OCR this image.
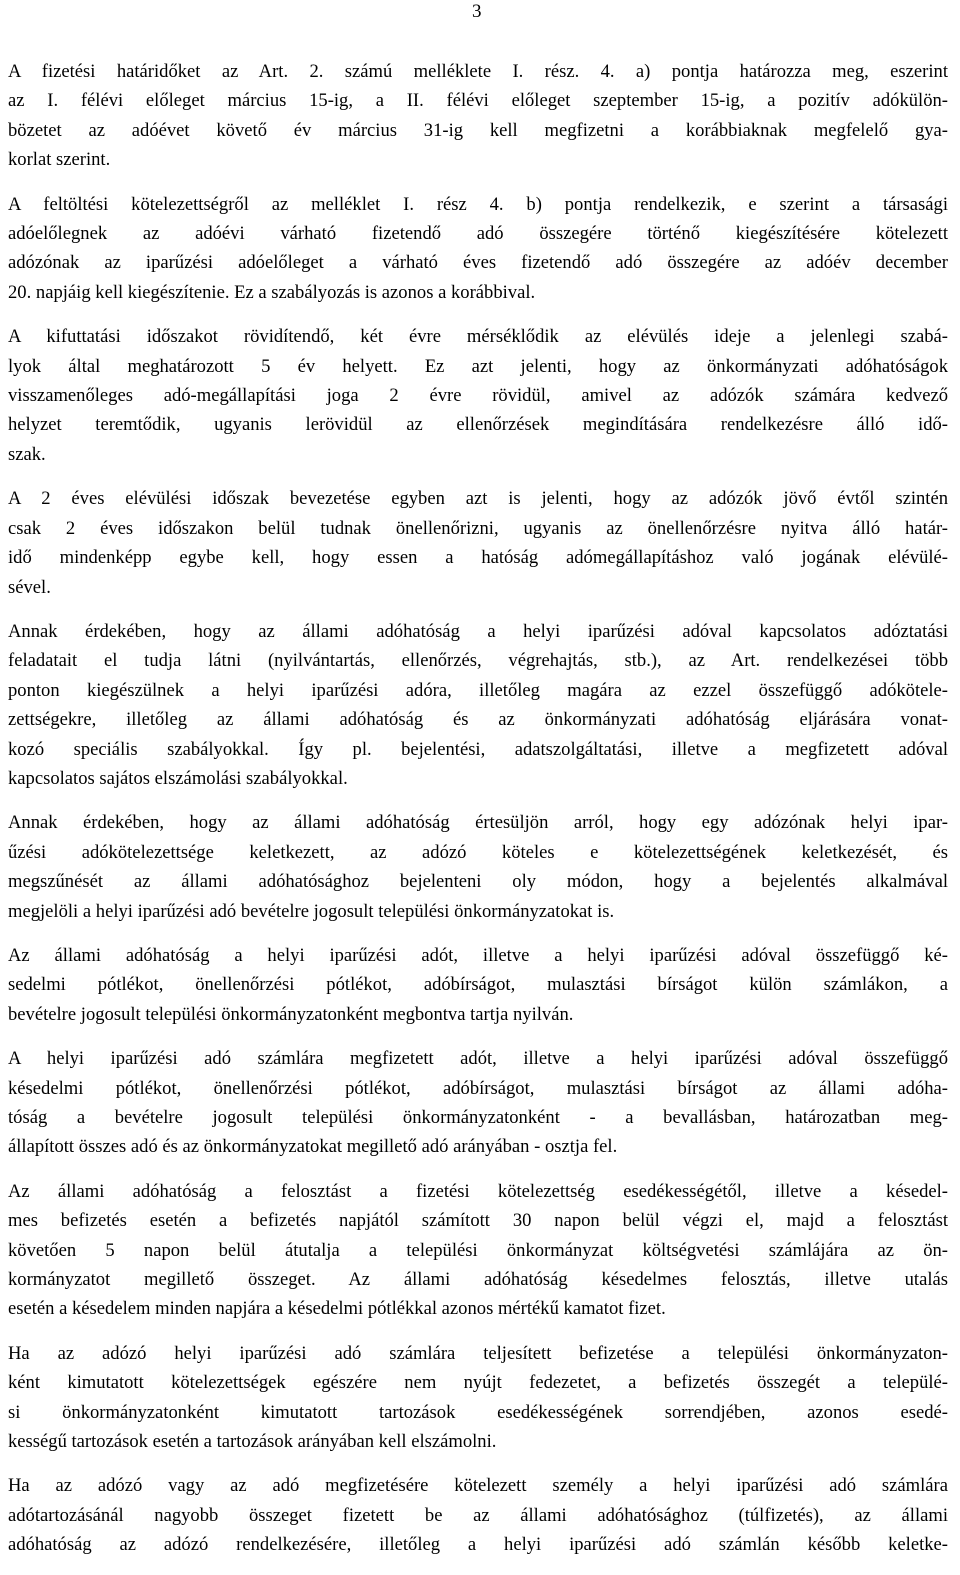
3

A fizetési határidőket az Art. 2. számú melléklete I. rész. 4. a) pontja határozza meg, eszerint
az I. félévi előleget március 15-ig, a II. félévi előleget szeptember 15-ig, a pozitív adókülön-
bözetet az adóévet követő év március 31-ig kell megfizetni a korábbiaknak megfelelő gya-
korlat szerint.

A feltöltési kötelezettségről az melléklet I. rész 4. b) pontja rendelkezik, e szerint a társasági
adóelőlegnek az adóévi várható fizetendő adó összegére történő kiegészítésére kötelezett
adózónak az iparűzési adóelőleget a várható éves fizetendő adó összegére az adóév december
20. napjáig kell kiegészítenie. Ez a szabályozás is azonos a korábbival.

A kifuttatási időszakot rövidítendő, két évre mérséklődik az elévülés ideje a jelenlegi szabá-
lyok által meghatározott 5 év helyett. Ez azt jelenti, hogy az önkormányzati adóhatóságok
visszamenőleges adó-megállapítási joga 2 évre rövidül, amivel az adózók számára kedvező
helyzet teremtődik, ugyanis lerövidül az ellenőrzések megindítására rendelkezésre álló idő-
szak.

A 2 éves elévülési időszak bevezetése egyben azt is jelenti, hogy az adózók jövő évtől szintén
csak 2 éves időszakon belül tudnak önellenőrizni, ugyanis az önellenőrzésre nyitva álló határ-
idő mindenképp egybe kell, hogy essen a hatóság adómegállapításhoz való jogának elévülé-
sével.

Annak érdekében, hogy az állami adóhatóság a helyi iparűzési adóval kapcsolatos adóztatási
feladatait el tudja látni (nyilvántartás, ellenőrzés, végrehajtás, stb.), az Art. rendelkezései több
ponton kiegészülnek a helyi iparűzési adóra, illetőleg magára az ezzel összefüggő adókötele-
zettségekre, illetőleg az állami adóhatóság és az önkormányzati adóhatóság eljárására vonat-
kozó speciális szabályokkal. Így pl. bejelentési, adatszolgáltatási, illetve a megfizetett adóval
kapcsolatos sajátos elszámolási szabályokkal.

Annak érdekében, hogy az állami adóhatóság értesüljön arról, hogy egy adózónak helyi ipar-
űzési adókötelezettsége keletkezett, az adózó köteles e kötelezettségének keletkezését, és
megszűnését az állami adóhatósághoz bejelenteni oly módon, hogy a bejelentés alkalmával
megjelöli a helyi iparűzési adó bevételre jogosult települési önkormányzatokat is.

Az állami adóhatóság a helyi iparűzési adót, illetve a helyi iparűzési adóval összefüggő ké-
sedelmi pótlékot, önellenőrzési pótlékot, adóbírságot, mulasztási bírságot külön számlákon, a
bevételre jogosult települési önkormányzatonként megbontva tartja nyilván.

A helyi iparűzési adó számlára megfizetett adót, illetve a helyi iparűzési adóval összefüggő
késedelmi pótlékot, önellenőrzési pótlékot, adóbírságot, mulasztási bírságot az állami adóha-
tóság a bevételre jogosult települési önkormányzatonként - a bevallásban, határozatban meg-
állapított összes adó és az önkormányzatokat megillető adó arányában - osztja fel.

Az állami adóhatóság a felosztást a fizetési kötelezettség esedékességétől, illetve a késedel-
mes befizetés esetén a befizetés napjától számított 30 napon belül végzi el, majd a felosztást
követően 5 napon belül átutalja a települési önkormányzat költségvetési számlájára az ön-
kormányzatot megillető összeget. Az állami adóhatóság késedelmes felosztás, illetve utalás
esetén a késedelem minden napjára a késedelmi pótlékkal azonos mértékű kamatot fizet.

Ha az adózó helyi iparűzési adó számlára teljesített befizetése a települési önkormányzaton-
ként kimutatott kötelezettségek egészére nem nyújt fedezetet, a befizetés összegét a települé-
si önkormányzatonként kimutatott tartozások esedékességének sorrendjében, azonos esedé-
kességű tartozások esetén a tartozások arányában kell elszámolni.

Ha az adózó vagy az adó megfizetésére kötelezett személy a helyi iparűzési adó számlára
adótartozásánál nagyobb összeget fizetett be az állami adóhatósághoz (túlfizetés), az állami
adóhatóság az adózó rendelkezésére, illetőleg a helyi iparűzési adó számlán később keletke-
